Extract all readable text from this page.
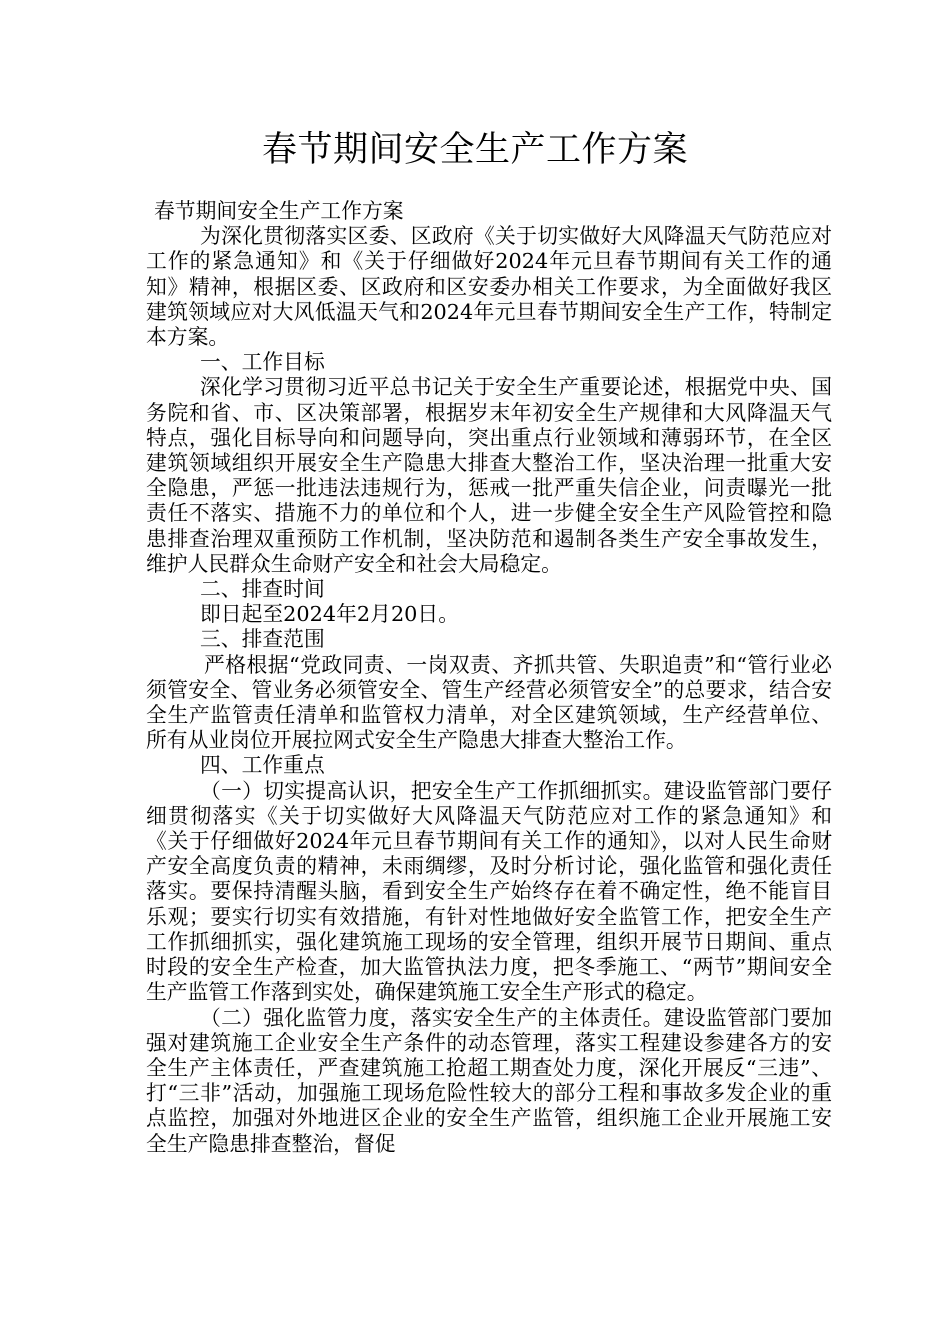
春节期间安全生产工作方案

春节期间安全生产工作方案

为深化贯彻落实区委、区政府《关于切实做好大风降温天气防范应对工作的紧急通知》和《关于仔细做好2024年元旦春节期间有关工作的通知》精神，根据区委、区政府和区安委办相关工作要求，为全面做好我区建筑领域应对大风低温天气和2024年元旦春节期间安全生产工作，特制定本方案。

一、工作目标

深化学习贯彻习近平总书记关于安全生产重要论述，根据党中央、国务院和省、市、区决策部署，根据岁末年初安全生产规律和大风降温天气特点，强化目标导向和问题导向，突出重点行业领域和薄弱环节，在全区建筑领域组织开展安全生产隐患大排查大整治工作，坚决治理一批重大安全隐患，严惩一批违法违规行为，惩戒一批严重失信企业，问责曝光一批责任不落实、措施不力的单位和个人，进一步健全安全生产风险管控和隐患排查治理双重预防工作机制，坚决防范和遏制各类生产安全事故发生，维护人民群众生命财产安全和社会大局稳定。

二、排查时间

即日起至2024年2月20日。

三、排查范围

严格根据“党政同责、一岗双责、齐抓共管、失职追责”和“管行业必须管安全、管业务必须管安全、管生产经营必须管安全”的总要求，结合安全生产监管责任清单和监管权力清单，对全区建筑领域，生产经营单位、所有从业岗位开展拉网式安全生产隐患大排查大整治工作。

四、工作重点

（一）切实提高认识，把安全生产工作抓细抓实。建设监管部门要仔细贯彻落实《关于切实做好大风降温天气防范应对工作的紧急通知》和《关于仔细做好2024年元旦春节期间有关工作的通知》，以对人民生命财产安全高度负责的精神，未雨绸缪，及时分析讨论，强化监管和强化责任落实。要保持清醒头脑，看到安全生产始终存在着不确定性，绝不能盲目乐观；要实行切实有效措施，有针对性地做好安全监管工作，把安全生产工作抓细抓实，强化建筑施工现场的安全管理，组织开展节日期间、重点时段的安全生产检查，加大监管执法力度，把冬季施工、“两节”期间安全生产监管工作落到实处，确保建筑施工安全生产形式的稳定。

（二）强化监管力度，落实安全生产的主体责任。建设监管部门要加强对建筑施工企业安全生产条件的动态管理，落实工程建设参建各方的安全生产主体责任，严查建筑施工抢超工期查处力度，深化开展反“三违”、打“三非”活动，加强施工现场危险性较大的部分工程和事故多发企业的重点监控，加强对外地进区企业的安全生产监管，组织施工企业开展施工安全生产隐患排查整治，督促
